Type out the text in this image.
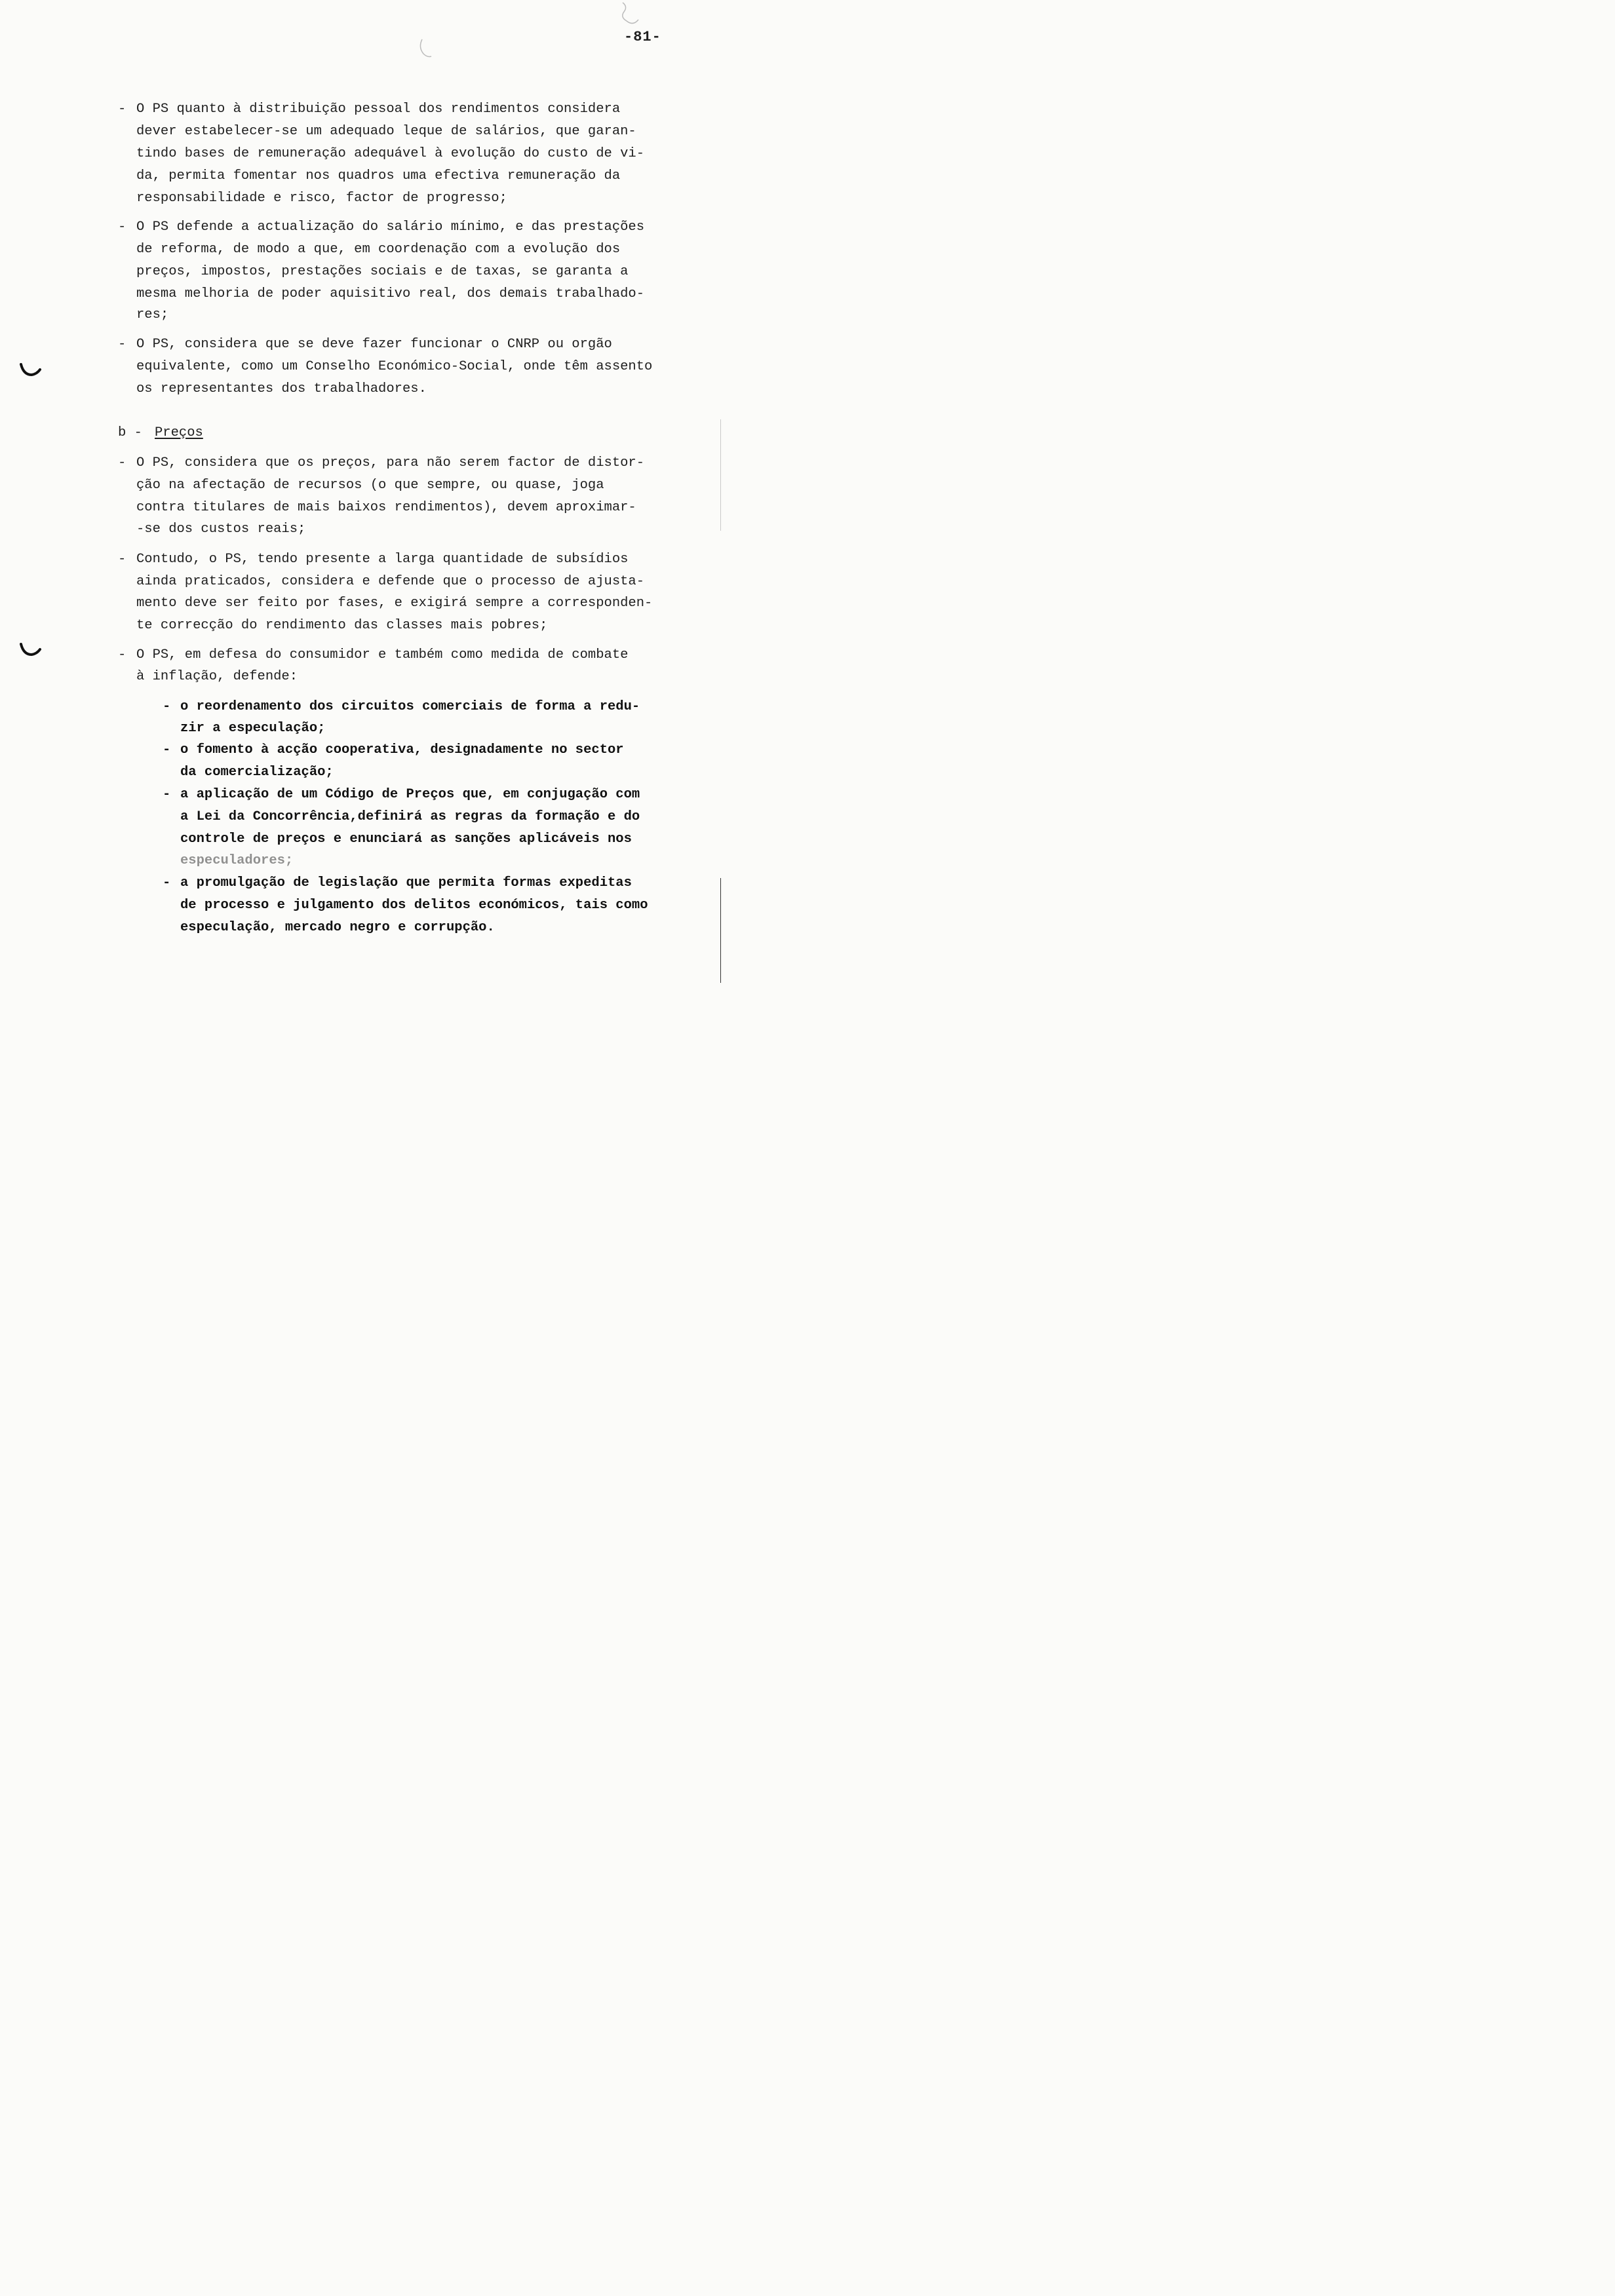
-81-
- O PS quanto à distribuição pessoal dos rendimentos considera
dever estabelecer-se um adequado leque de salários, que garan-
tindo bases de remuneração adequável à evolução do custo de vi-
da, permita fomentar nos quadros uma efectiva remuneração da
responsabilidade e risco, factor de progresso;
- O PS defende a actualização do salário mínimo, e das prestações
de reforma, de modo a que, em coordenação com a evolução dos
preços, impostos, prestações sociais e de taxas, se garanta a
mesma melhoria de poder aquisitivo real, dos demais trabalhado-
res;
- O PS, considera que se deve fazer funcionar o CNRP ou orgão
equivalente, como um Conselho Económico-Social, onde têm assento
os representantes dos trabalhadores.
b - Preços
- O PS, considera que os preços, para não serem factor de distor-
ção na afectação de recursos (o que sempre, ou quase, joga
contra titulares de mais baixos rendimentos), devem aproximar-
-se dos custos reais;
- Contudo, o PS, tendo presente a larga quantidade de subsídios
ainda praticados, considera e defende que o processo de ajusta-
mento deve ser feito por fases, e exigirá sempre a corresponden-
te correcção do rendimento das classes mais pobres;
- O PS, em defesa do consumidor e também como medida de combate
à inflação, defende:
- o reordenamento dos circuitos comerciais de forma a redu-
zir a especulação;
- o fomento à acção cooperativa, designadamente no sector
da comercialização;
- a aplicação de um Código de Preços que, em conjugação com
a Lei da Concorrência,definirá as regras da formação e do
controle de preços e enunciará as sanções aplicáveis nos
especuladores;
- a promulgação de legislação que permita formas expeditas
de processo e julgamento dos delitos económicos, tais como
especulação, mercado negro e corrupção.
